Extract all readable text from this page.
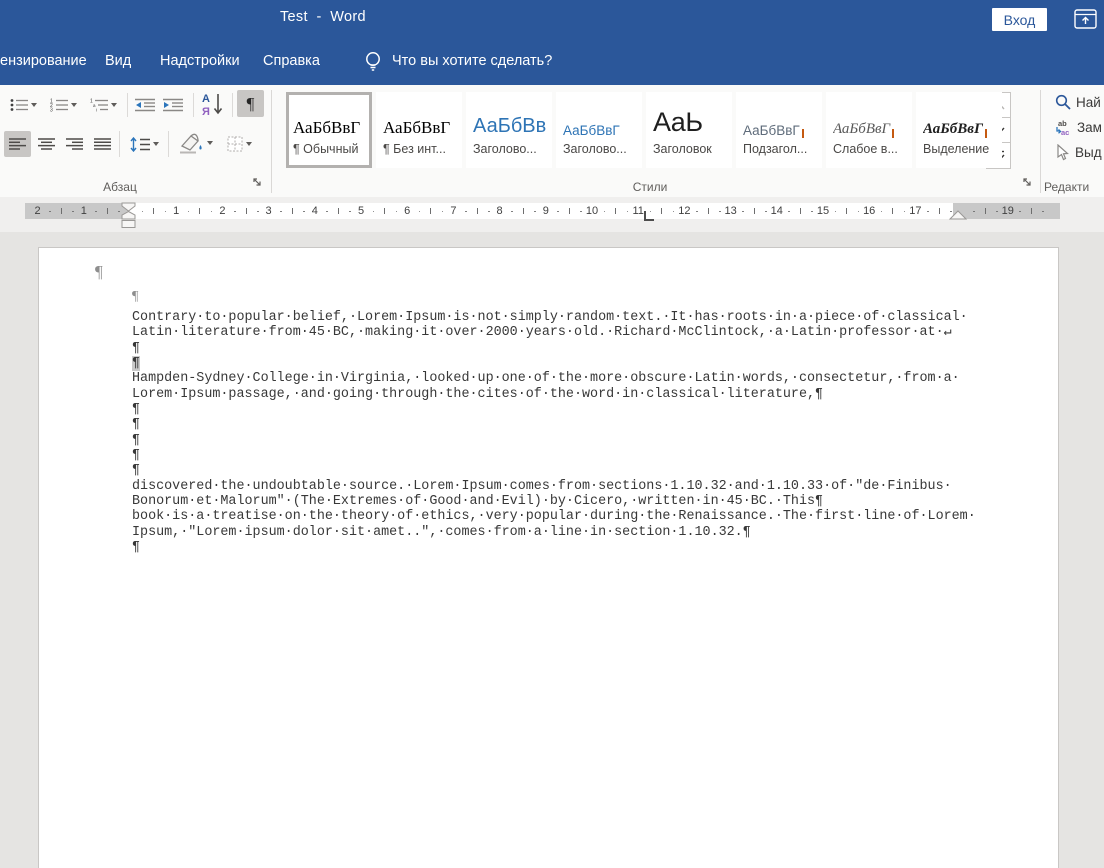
Test  -  Word	Вход
Что вы хотите сделать?
ензирование Вид Надстройки Справка
1
2
3
1
a
i
А
Я ¶
Абзац	Стили	Редакти
АаБбВвГ
¶ Обычный
АаБбВвГ
¶ Без инт...
АаБбВв
Заголово...
АаБбВвГ
Заголово...
АаЬ
Заголовок
АаБбВвГ
Подзагол...
АаБбВвГ
Слабое в...
АаБбВвГ
Выделение
Най
ab
ac Зам
Выд
2	1	1	2	3	4	5	6	7	8	9	10	11	12	13	14	15	16	17	19
¶
¶
Contrary·to·popular·belief,·Lorem·Ipsum·is·not·simply·random·text.·It·has·roots·in·a·piece·of·classical·
Latin·literature·from·45·BC,·making·it·over·2000·years·old.·Richard·McClintock,·a·Latin·professor·at·↵
¶
¶
Hampden-Sydney·College·in·Virginia,·looked·up·one·of·the·more·obscure·Latin·words,·consectetur,·from·a·
Lorem·Ipsum·passage,·and·going·through·the·cites·of·the·word·in·classical·literature,¶
¶
¶
¶
¶
¶
discovered·the·undoubtable·source.·Lorem·Ipsum·comes·from·sections·1.10.32·and·1.10.33·of·"de·Finibus·
Bonorum·et·Malorum"·(The·Extremes·of·Good·and·Evil)·by·Cicero,·written·in·45·BC.·This¶
book·is·a·treatise·on·the·theory·of·ethics,·very·popular·during·the·Renaissance.·The·first·line·of·Lorem·
Ipsum,·"Lorem·ipsum·dolor·sit·amet..",·comes·from·a·line·in·section·1.10.32.¶
¶
